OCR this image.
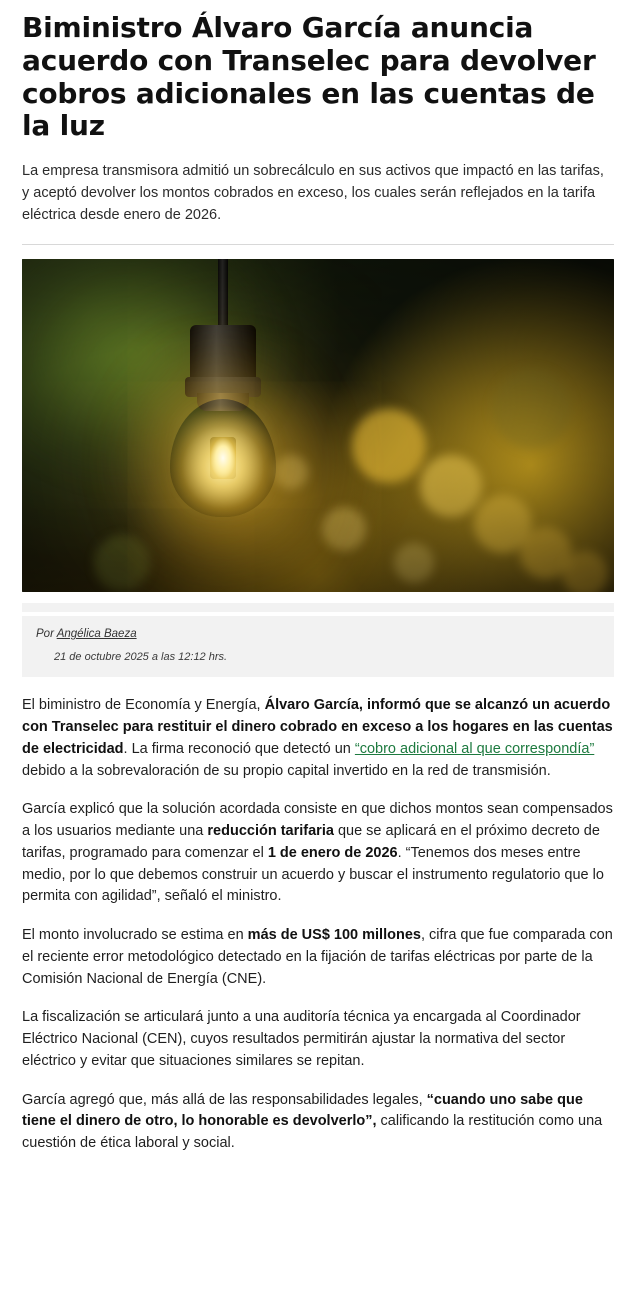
Biministro Álvaro García anuncia acuerdo con Transelec para devolver cobros adicionales en las cuentas de la luz

La empresa transmisora admitió un sobrecálculo en sus activos que impactó en las tarifas, y aceptó devolver los montos cobrados en exceso, los cuales serán reflejados en la tarifa eléctrica desde enero de 2026.

Por Angélica Baeza
21 de octubre 2025 a las 12:12 hrs.

El biministro de Economía y Energía, Álvaro García, informó que se alcanzó un acuerdo con Transelec para restituir el dinero cobrado en exceso a los hogares en las cuentas de electricidad. La firma reconoció que detectó un “cobro adicional al que correspondía” debido a la sobrevaloración de su propio capital invertido en la red de transmisión.

García explicó que la solución acordada consiste en que dichos montos sean compensados a los usuarios mediante una reducción tarifaria que se aplicará en el próximo decreto de tarifas, programado para comenzar el 1 de enero de 2026. “Tenemos dos meses entre medio, por lo que debemos construir un acuerdo y buscar el instrumento regulatorio que lo permita con agilidad”, señaló el ministro.

El monto involucrado se estima en más de US$ 100 millones, cifra que fue comparada con el reciente error metodológico detectado en la fijación de tarifas eléctricas por parte de la Comisión Nacional de Energía (CNE).

La fiscalización se articulará junto a una auditoría técnica ya encargada al Coordinador Eléctrico Nacional (CEN), cuyos resultados permitirán ajustar la normativa del sector eléctrico y evitar que situaciones similares se repitan.

García agregó que, más allá de las responsabilidades legales, “cuando uno sabe que tiene el dinero de otro, lo honorable es devolverlo”, calificando la restitución como una cuestión de ética laboral y social.
